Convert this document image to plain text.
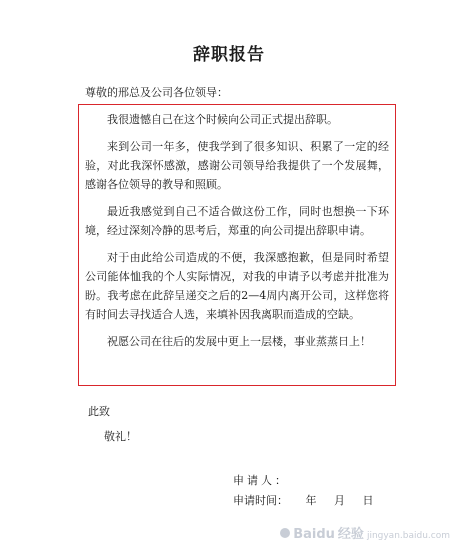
辞职报告
尊敬的邢总及公司各位领导：

我很遗憾自己在这个时候向公司正式提出辞职。

来到公司一年多，使我学到了很多知识、积累了一定的经验，对此我深怀感激，感谢公司领导给我提供了一个发展舞，感谢各位领导的教导和照顾。

最近我感觉到自己不适合做这份工作，同时也想换一下环境，经过深刻冷静的思考后，郑重的向公司提出辞职申请。

对于由此给公司造成的不便，我深感抱歉，但是同时希望公司能体恤我的个人实际情况，对我的申请予以考虑并批准为盼。我考虑在此辞呈递交之后的2—4周内离开公司，这样您将有时间去寻找适合人选，来填补因我离职而造成的空缺。

祝愿公司在往后的发展中更上一层楼，事业蒸蒸日上！

此致
敬礼！
申请人：
申请时间： 年 月 日
Baidu 经验 jingyan.baidu.com
